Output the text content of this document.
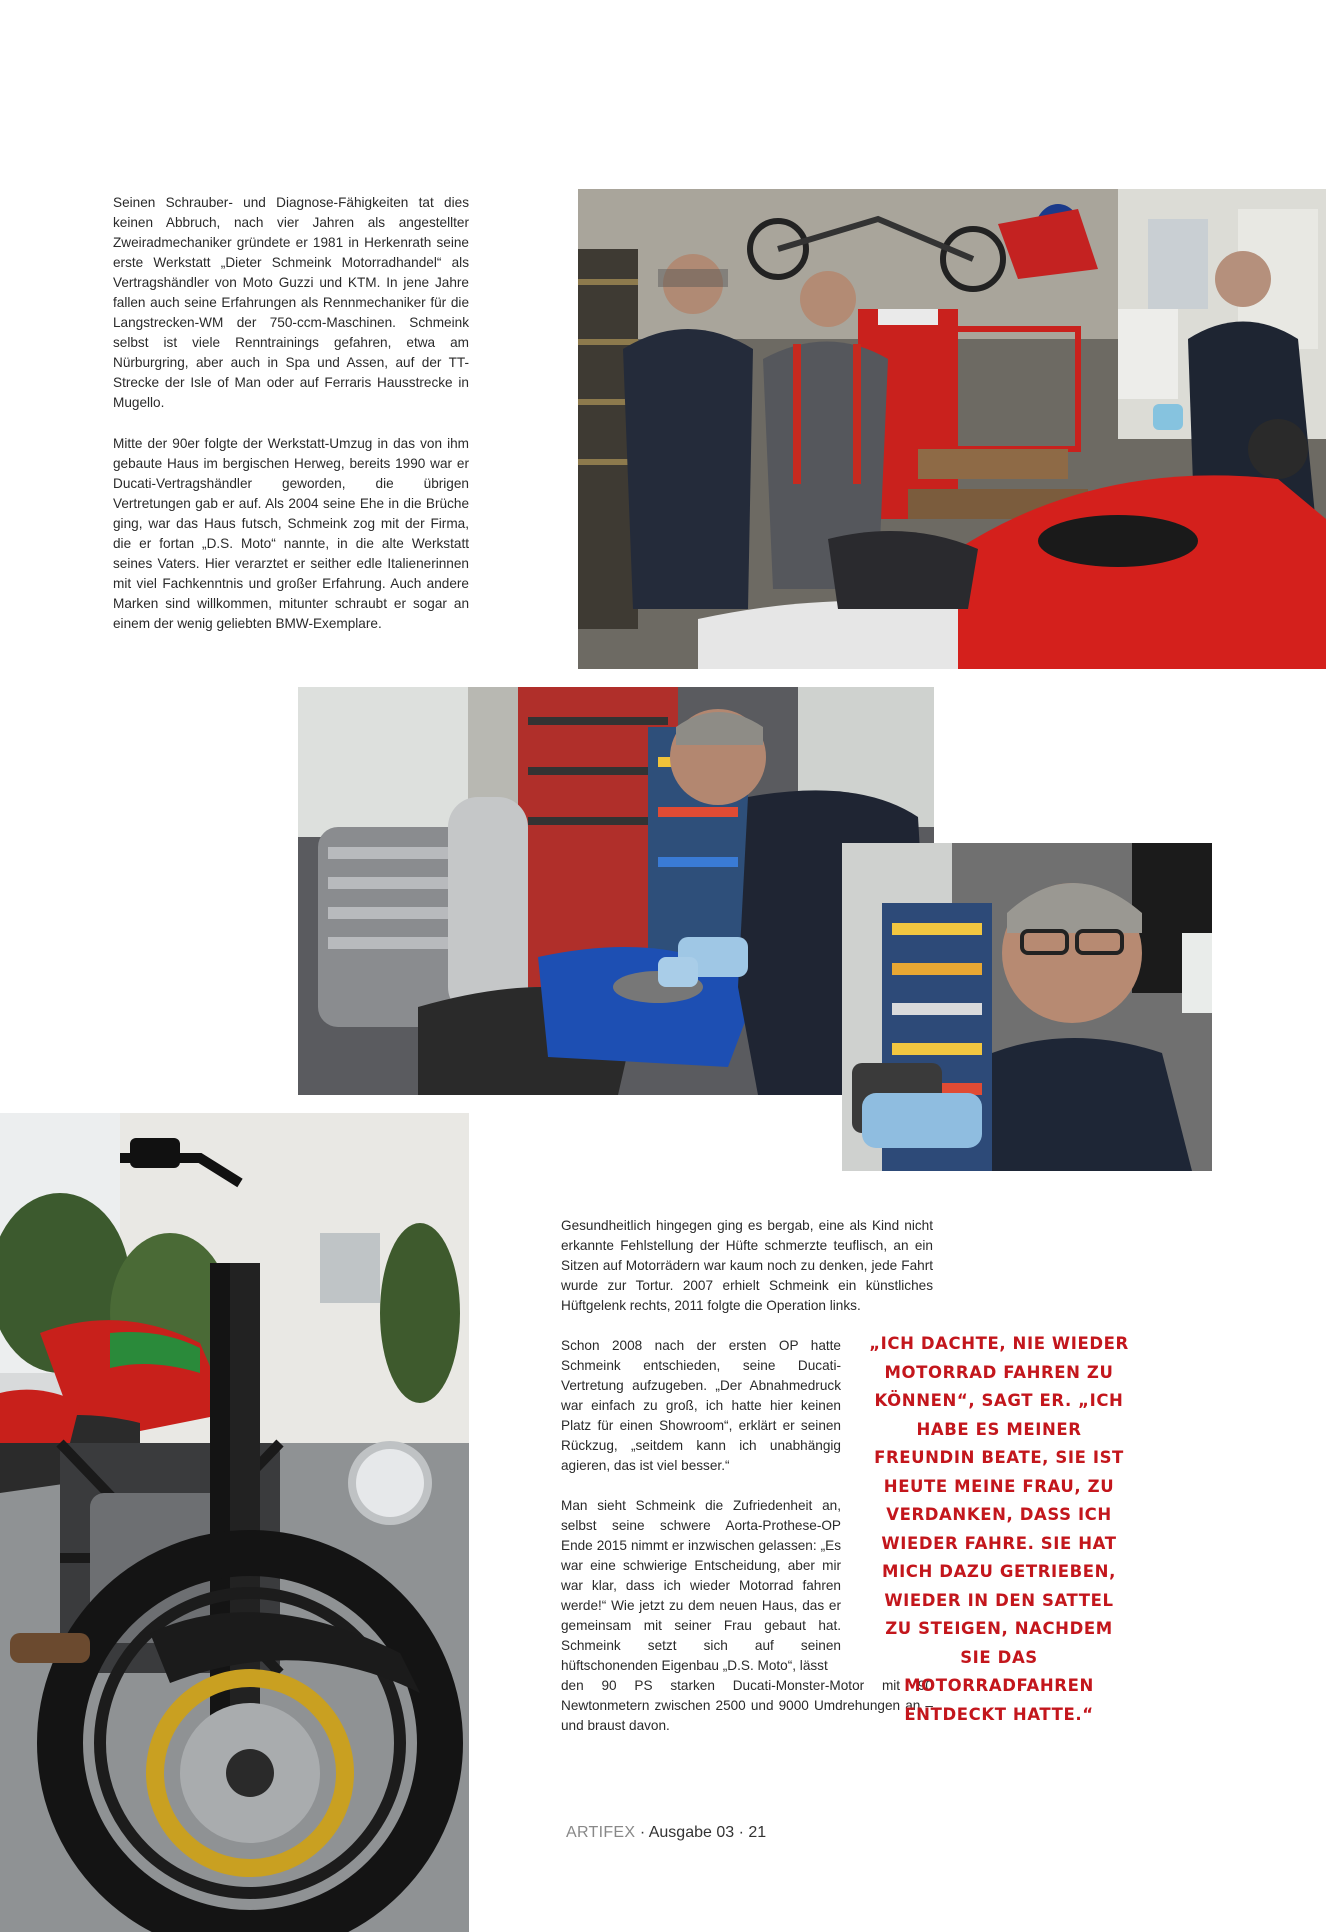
Seinen Schrauber- und Diagnose-Fähigkeiten tat dies keinen Abbruch, nach vier Jahren als angestellter Zweiradmechaniker gründete er 1981 in Herkenrath seine erste Werkstatt „Dieter Schmeink Motorradhandel“ als Vertragshändler von Moto Guzzi und KTM. In jene Jahre fallen auch seine Erfahrungen als Rennmechaniker für die Langstrecken-WM der 750-ccm-Maschinen. Schmeink selbst ist viele Renntrainings gefahren, etwa am Nürburgring, aber auch in Spa und Assen, auf der TT-Strecke der Isle of Man oder auf Ferraris Hausstrecke in Mugello.

Mitte der 90er folgte der Werkstatt-Umzug in das von ihm gebaute Haus im bergischen Herweg, bereits 1990 war er Ducati-Vertragshändler geworden, die übrigen Vertretungen gab er auf. Als 2004 seine Ehe in die Brüche ging, war das Haus futsch, Schmeink zog mit der Firma, die er fortan „D.S. Moto“ nannte, in die alte Werkstatt seines Vaters. Hier verarztet er seither edle Italienerinnen mit viel Fachkenntnis und großer Erfahrung. Auch andere Marken sind willkommen, mitunter schraubt er sogar an einem der wenig geliebten BMW-Exemplare.

Gesundheitlich hingegen ging es bergab, eine als Kind nicht erkannte Fehlstellung der Hüfte schmerzte teuflisch, an ein Sitzen auf Motorrädern war kaum noch zu denken, jede Fahrt wurde zur Tortur. 2007 erhielt Schmeink ein künstliches Hüftgelenk rechts, 2011 folgte die Operation links.

Schon 2008 nach der ersten OP hatte Schmeink entschieden, seine Ducati-Vertretung aufzugeben. „Der Abnahmedruck war einfach zu groß, ich hatte hier keinen Platz für einen Showroom“, erklärt er seinen Rückzug, „seitdem kann ich unabhängig agieren, das ist viel besser.“

Man sieht Schmeink die Zufriedenheit an, selbst seine schwere Aorta-Prothese-OP Ende 2015 nimmt er inzwischen gelassen: „Es war eine schwierige Entscheidung, aber mir war klar, dass ich wieder Motorrad fahren werde!“ Wie jetzt zu dem neuen Haus, das er gemeinsam mit seiner Frau gebaut hat. Schmeink setzt sich auf seinen hüftschonenden Eigenbau „D.S. Moto“, lässt

den 90 PS starken Ducati-Monster-Motor mit 90 Newtonmetern zwischen 2500 und 9000 Umdrehungen an – und braust davon.

„ICH DACHTE, NIE WIEDER MOTORRAD FAHREN ZU KÖNNEN“, SAGT ER. „ICH HABE ES MEINER FREUNDIN BEATE, SIE IST HEUTE MEINE FRAU, ZU VERDANKEN, DASS ICH WIEDER FAHRE. SIE HAT MICH DAZU GETRIEBEN, WIEDER IN DEN SATTEL ZU STEIGEN, NACHDEM SIE DAS MOTORRADFAHREN ENTDECKT HATTE.“

ARTIFEX · Ausgabe 03 · 21
